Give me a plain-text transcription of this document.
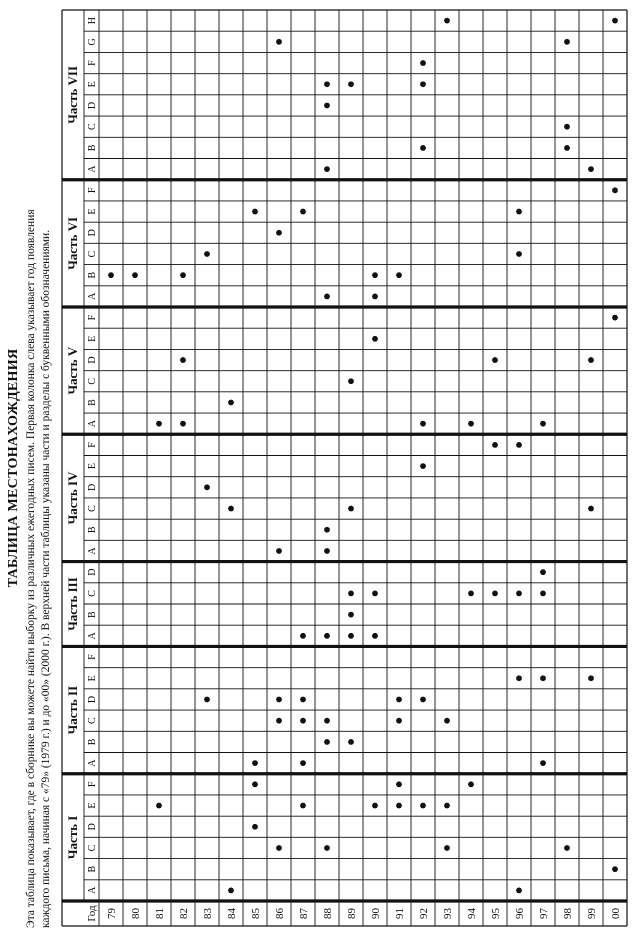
ТАБЛИЦА МЕСТОНАХОЖДЕНИЯ Эта таблица показывает, где в сборнике вы можете найти выборку из различных ежегодных писем. Первая колонка слева указывает год появления каждого письма, начиная с «79» (1979 г.) и до «00» (2000 г.). В верхней части таблицы указаны части и разделы с буквенными обозначениями. Часть I
A
B
C
D
E
F
Часть II
A
B
C
D
E
F
Часть III
A
B
C
D
Часть IV
A
B
C
D
E
F
Часть V
A
B
C
D
E
F
Часть VI
A
B
C
D
E
F
Часть VII
A
B
C
D
E
F
G
H
Год 79 80 81 82 83 84 85 86 87 88 89 90 91 92 93 94 95 96 97 98 99 00
